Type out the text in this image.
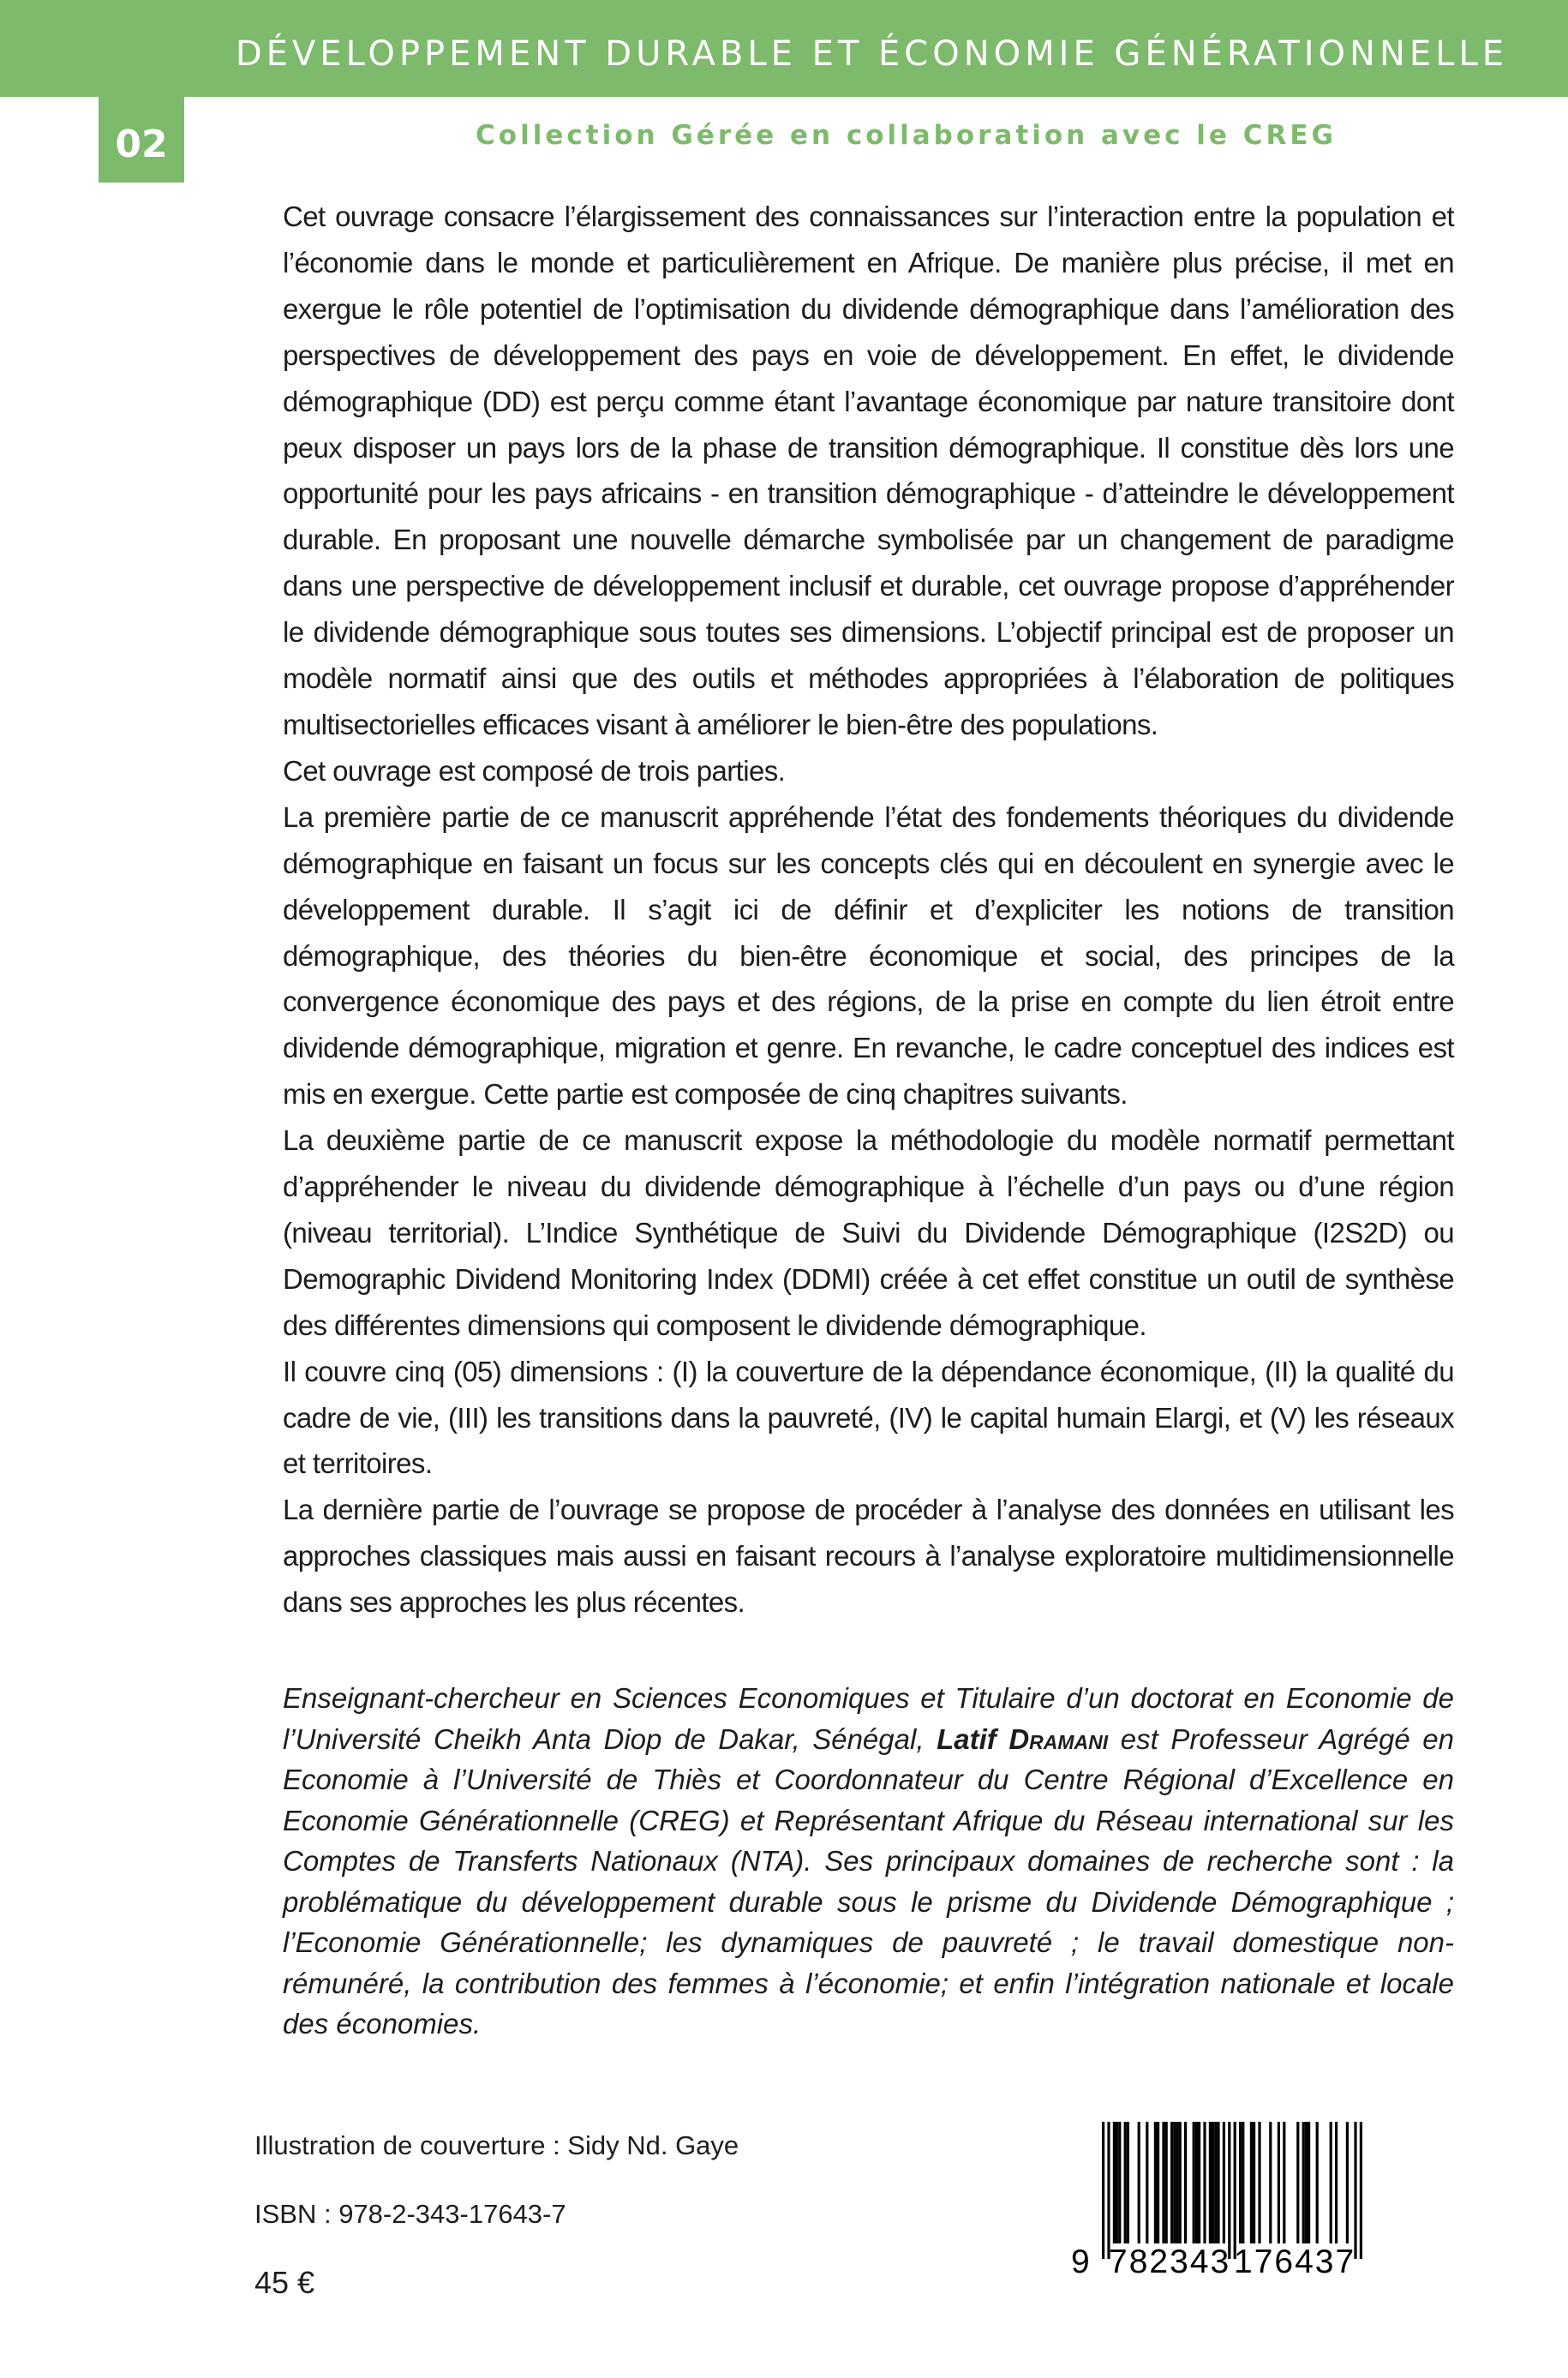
DÉVELOPPEMENT DURABLE ET ÉCONOMIE GÉNÉRATIONNELLE
02	Collection Gérée en collaboration avec le CREG

Cet ouvrage consacre l’élargissement des connaissances sur l’interaction entre la population et l’économie dans le monde et particulièrement en Afrique. De manière plus précise, il met en exergue le rôle potentiel de l’optimisation du dividende démographique dans l’amélioration des perspectives de développement des pays en voie de développement. En effet, le dividende démographique (DD) est perçu comme étant l’avantage économique par nature transitoire dont peux disposer un pays lors de la phase de transition démographique. Il constitue dès lors une opportunité pour les pays africains - en transition démographique - d’atteindre le développement durable. En proposant une nouvelle démarche symbolisée par un changement de paradigme dans une perspective de développement inclusif et durable, cet ouvrage propose d’appréhender le dividende démographique sous toutes ses dimensions. L’objectif principal est de proposer un modèle normatif ainsi que des outils et méthodes appropriées à l’élaboration de politiques multisectorielles efficaces visant à améliorer le bien-être des populations.

Cet ouvrage est composé de trois parties.

La première partie de ce manuscrit appréhende l’état des fondements théoriques du dividende démographique en faisant un focus sur les concepts clés qui en découlent en synergie avec le développement durable. Il s’agit ici de définir et d’expliciter les notions de transition démographique, des théories du bien-être économique et social, des principes de la convergence économique des pays et des régions, de la prise en compte du lien étroit entre dividende démographique, migration et genre. En revanche, le cadre conceptuel des indices est mis en exergue. Cette partie est composée de cinq chapitres suivants.

La deuxième partie de ce manuscrit expose la méthodologie du modèle normatif permettant d’appréhender le niveau du dividende démographique à l’échelle d’un pays ou d’une région (niveau territorial). L’Indice Synthétique de Suivi du Dividende Démographique (I2S2D) ou Demographic Dividend Monitoring Index (DDMI) créée à cet effet constitue un outil de synthèse des différentes dimensions qui composent le dividende démographique.

Il couvre cinq (05) dimensions : (I) la couverture de la dépendance économique, (II) la qualité du cadre de vie, (III) les transitions dans la pauvreté, (IV) le capital humain Elargi, et (V) les réseaux et territoires.

La dernière partie de l’ouvrage se propose de procéder à l’analyse des données en utilisant les approches classiques mais aussi en faisant recours à l’analyse exploratoire multidimensionnelle dans ses approches les plus récentes.

Enseignant-chercheur en Sciences Economiques et Titulaire d’un doctorat en Economie de l’Université Cheikh Anta Diop de Dakar, Sénégal, Latif Dramani est Professeur Agrégé en Economie à l’Université de Thiès et Coordonnateur du Centre Régional d’Excellence en Economie Générationnelle (CREG) et Représentant Afrique du Réseau international sur les Comptes de Transferts Nationaux (NTA). Ses principaux domaines de recherche sont : la problématique du développement durable sous le prisme du Dividende Démographique ; l’Economie Générationnelle; les dynamiques de pauvreté ; le travail domestique non-rémunéré, la contribution des femmes à l’économie; et enfin l’intégration nationale et locale des économies.
Illustration de couverture : Sidy Nd. Gaye
ISBN : 978-2-343-17643-7
45 €
9 782343 176437
